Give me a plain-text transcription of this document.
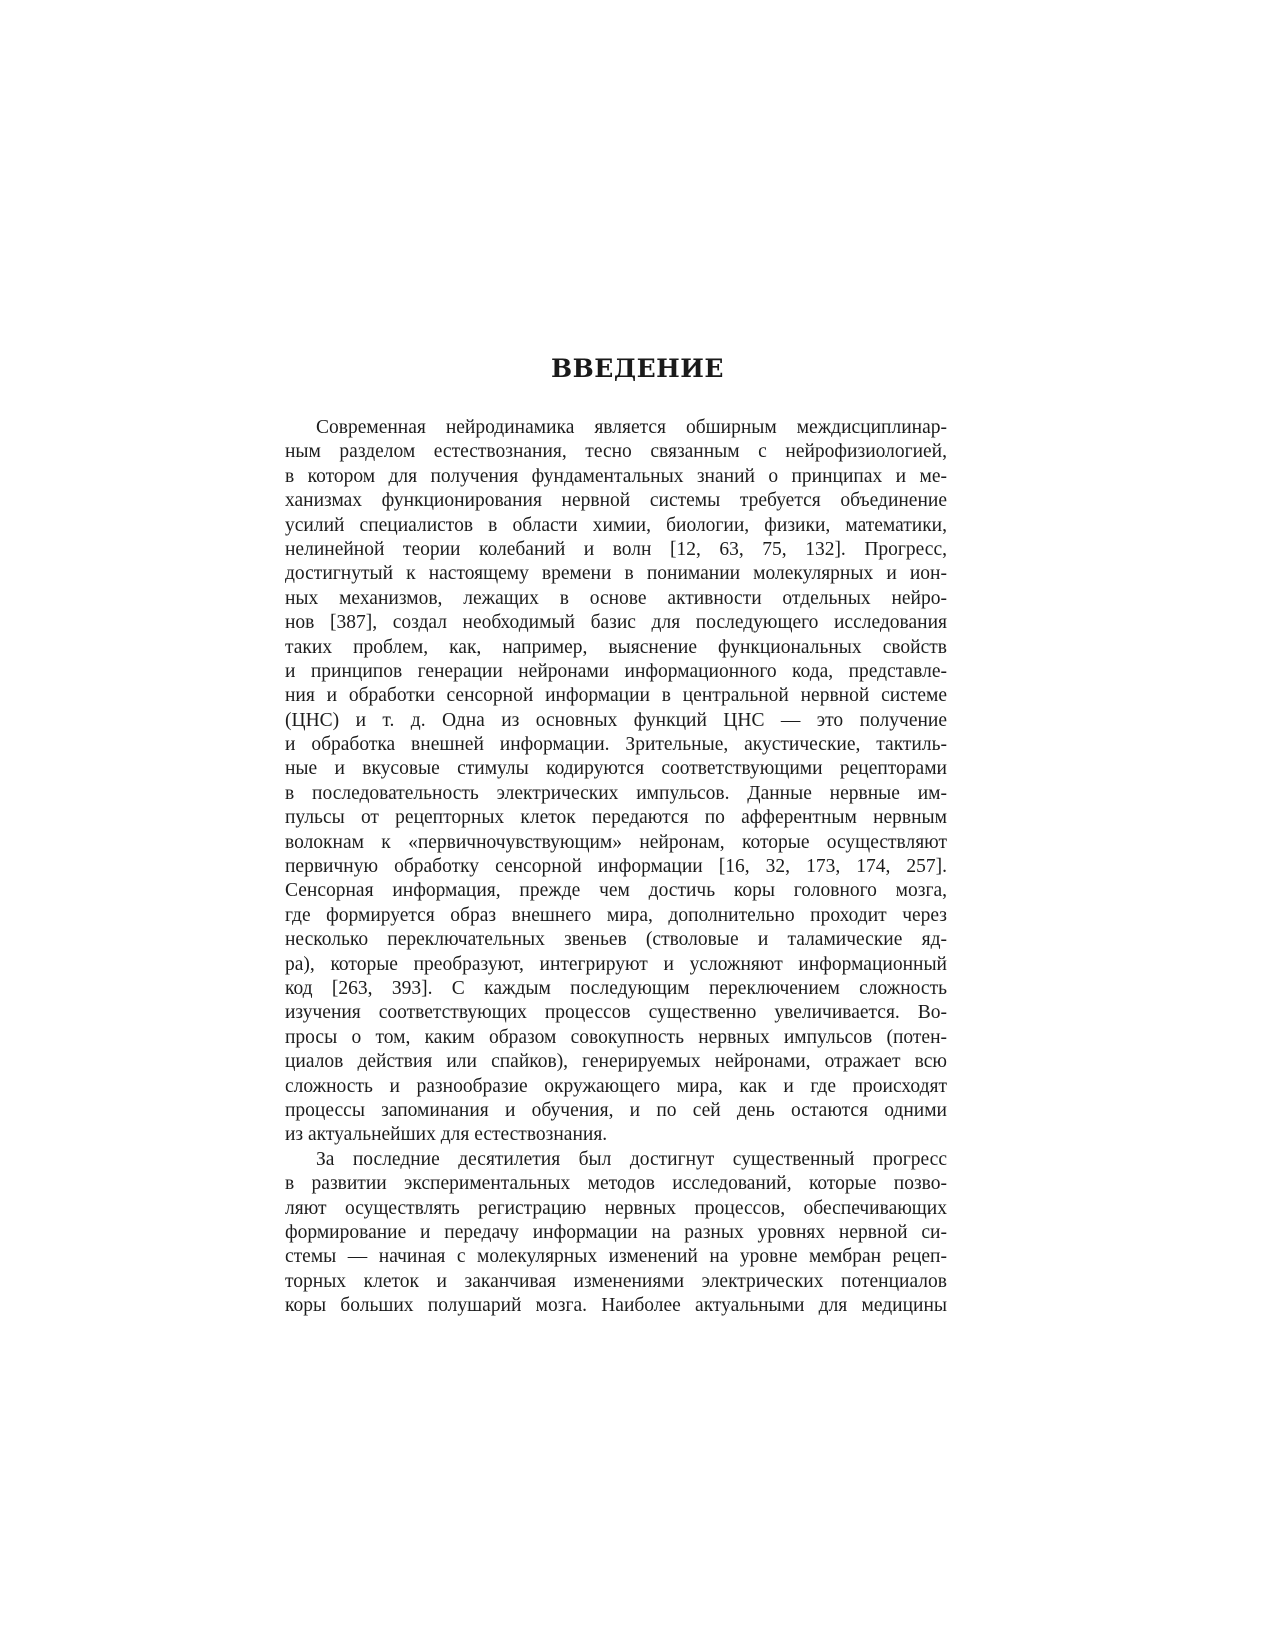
ВВЕДЕНИЕ
Современная нейродинамика является обширным междисциплинар-
ным разделом естествознания, тесно связанным с нейрофизиологией,
в котором для получения фундаментальных знаний о принципах и ме-
ханизмах функционирования нервной системы требуется объединение
усилий специалистов в области химии, биологии, физики, математики,
нелинейной теории колебаний и волн [12, 63, 75, 132]. Прогресс,
достигнутый к настоящему времени в понимании молекулярных и ион-
ных механизмов, лежащих в основе активности отдельных нейро-
нов [387], создал необходимый базис для последующего исследования
таких проблем, как, например, выяснение функциональных свойств
и принципов генерации нейронами информационного кода, представле-
ния и обработки сенсорной информации в центральной нервной системе
(ЦНС) и т. д. Одна из основных функций ЦНС — это получение
и обработка внешней информации. Зрительные, акустические, тактиль-
ные и вкусовые стимулы кодируются соответствующими рецепторами
в последовательность электрических импульсов. Данные нервные им-
пульсы от рецепторных клеток передаются по афферентным нервным
волокнам к «первичночувствующим» нейронам, которые осуществляют
первичную обработку сенсорной информации [16, 32, 173, 174, 257].
Сенсорная информация, прежде чем достичь коры головного мозга,
где формируется образ внешнего мира, дополнительно проходит через
несколько переключательных звеньев (стволовые и таламические яд-
ра), которые преобразуют, интегрируют и усложняют информационный
код [263, 393]. С каждым последующим переключением сложность
изучения соответствующих процессов существенно увеличивается. Во-
просы о том, каким образом совокупность нервных импульсов (потен-
циалов действия или спайков), генерируемых нейронами, отражает всю
сложность и разнообразие окружающего мира, как и где происходят
процессы запоминания и обучения, и по сей день остаются одними
из актуальнейших для естествознания.
За последние десятилетия был достигнут существенный прогресс
в развитии экспериментальных методов исследований, которые позво-
ляют осуществлять регистрацию нервных процессов, обеспечивающих
формирование и передачу информации на разных уровнях нервной си-
стемы — начиная с молекулярных изменений на уровне мембран рецеп-
торных клеток и заканчивая изменениями электрических потенциалов
коры больших полушарий мозга. Наиболее актуальными для медицины
